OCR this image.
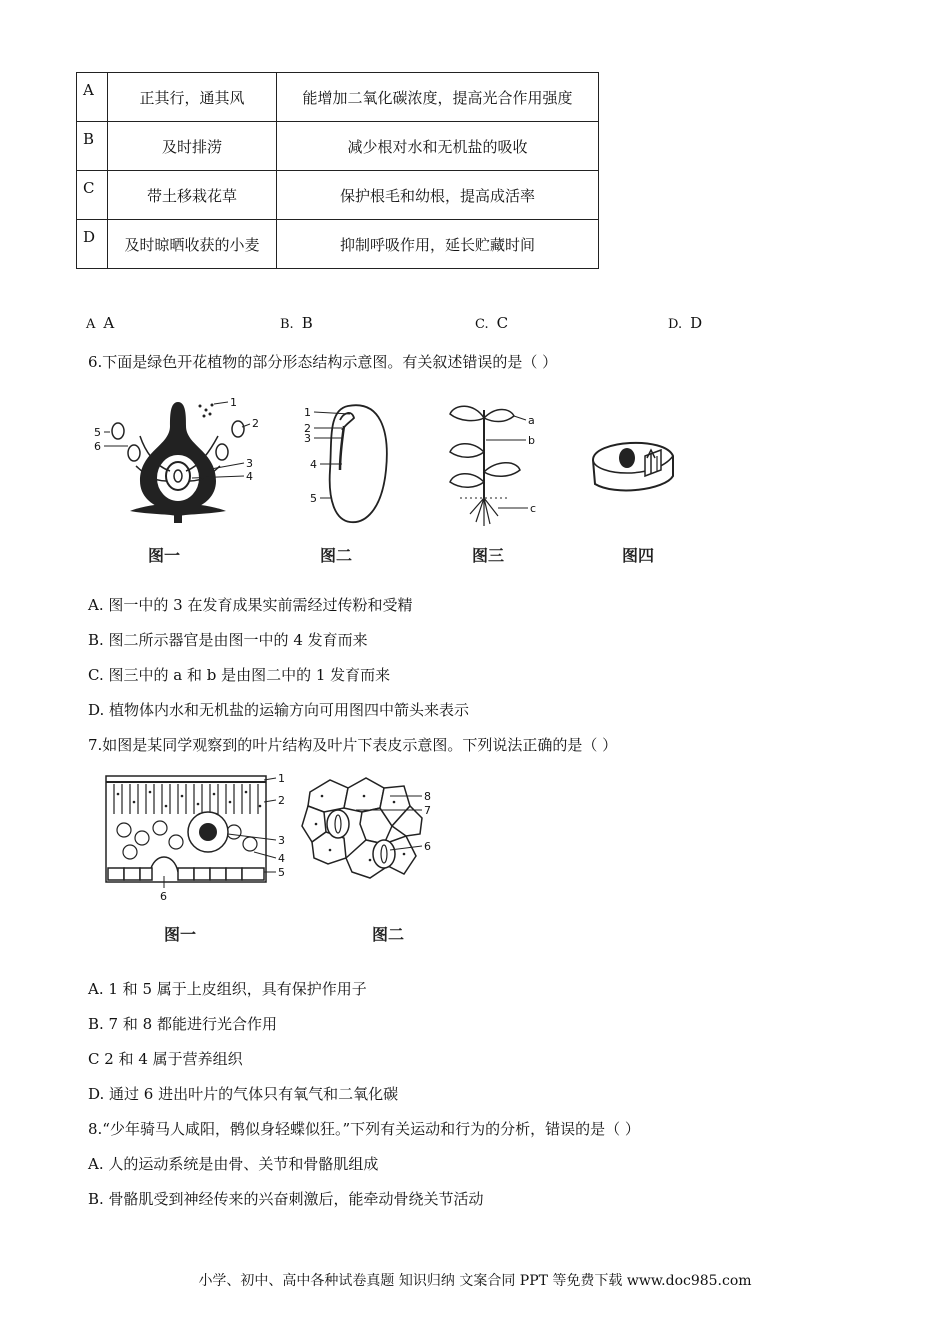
A	正其行，通其风	能增加二氧化碳浓度，提高光合作用强度
B	及时排涝	减少根对水和无机盐的吸收
C	带土移栽花草	保护根毛和幼根，提高成活率
D	及时晾晒收获的小麦	抑制呼吸作用，延长贮藏时间
A A	B. B	C. C	D. D
6.下面是绿色开花植物的部分形态结构示意图。有关叙述错误的是（ ）
1
2
3
4
5
6
图一
1
2
3
4
5
图二
a
b
c
图三	图四
A. 图一中的 3 在发育成果实前需经过传粉和受精
B. 图二所示器官是由图一中的 4 发育而来
C. 图三中的 a 和 b 是由图二中的 1 发育而来
D. 植物体内水和无机盐的运输方向可用图四中箭头来表示
7.如图是某同学观察到的叶片结构及叶片下表皮示意图。下列说法正确的是（ ）
1
2
3
4
5
6
图一
8
7
6
图二
A. 1 和 5 属于上皮组织，具有保护作用子
B. 7 和 8 都能进行光合作用
C 2 和 4 属于营养组织
D. 通过 6 进出叶片的气体只有氧气和二氧化碳
8.“少年骑马人咸阳，鹘似身轻蝶似狂。”下列有关运动和行为的分析，错误的是（ ）
A. 人的运动系统是由骨、关节和骨骼肌组成
B. 骨骼肌受到神经传来的兴奋刺激后，能牵动骨绕关节活动
小学、初中、高中各种试卷真题 知识归纳 文案合同 PPT 等免费下载 www.doc985.com
